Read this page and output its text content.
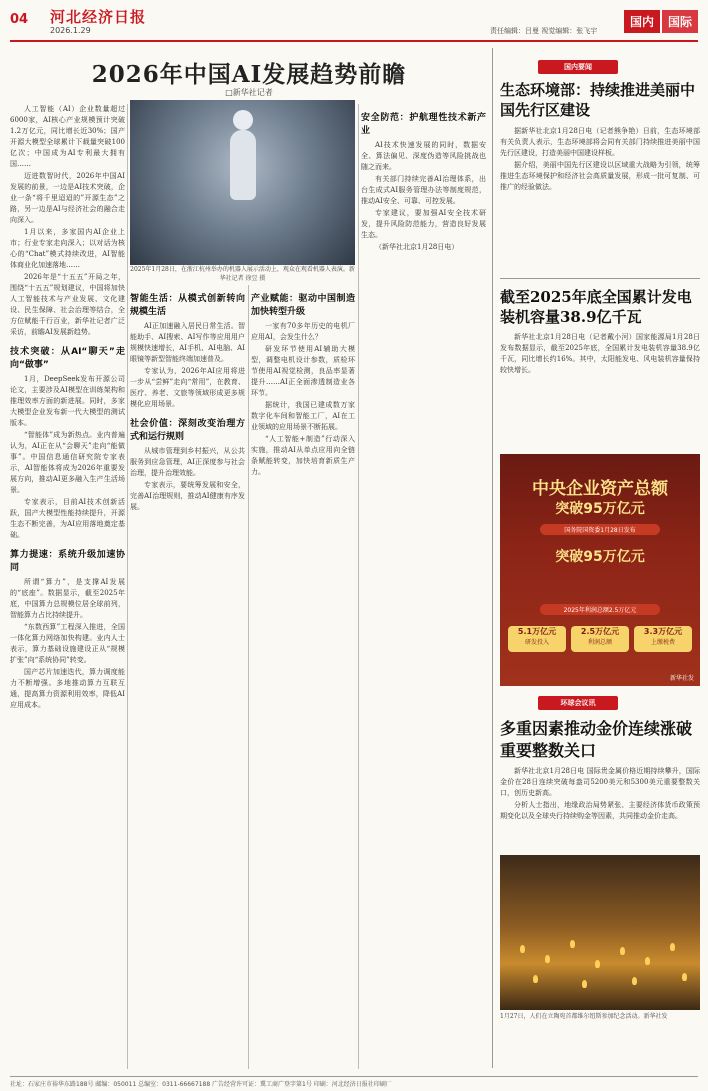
04 河北经济日报
2026.1.29	责任编辑：吕曼 视觉编辑：张飞宇
国内	国际
2026年中国AI发展趋势前瞻
□新华社记者

人工智能（AI）企业数量超过6000家，AI核心产业规模预计突破1.2万亿元，同比增长近30%；国产开源大模型全球累计下载量突破100亿次；中国成为AI专利最大拥有国……

迈进数智时代，2026年中国AI发展的前景，一边是AI技术突破，企业一条“将千里迢迢的”开源生态”之路，另一边是AI与经济社会的融合走向深入。

1月以来，多家国内AI企业上市；行业专家走向深入；以对话为核心的“Chat”模式持续改进，AI智能体商业化加速落地……

2026年是“十五五”开局之年，围绕“十五五”规划建议，中国将加快人工智能技术与产业发展、文化建设、民生保障、社会治理等结合，全方位赋能千行百业，新华社记者广泛采访，前瞻AI发展新趋势。

技术突破：从AI“聊天”走向“做事”

1月，DeepSeek发布开源公司论文，主要涉及AI模型在训练架构和推理效率方面的新进展。同时，多家大模型企业发布新一代大模型的测试版本。

“智能体”成为新热点。业内普遍认为，AI正在从“会聊天”走向“能做事”。中国信息通信研究院专家表示，AI智能体将成为2026年重要发展方向，推动AI更多融入生产生活场景。

专家表示，目前AI技术创新活跃，国产大模型性能持续提升，开源生态不断完善，为AI应用落地奠定基础。

算力提速：系统升级加速协同

所谓“算力”，是支撑AI发展的“底座”。数据显示，截至2025年底，中国算力总规模位居全球前列，智能算力占比持续提升。

“东数西算”工程深入推进，全国一体化算力网络加快构建。业内人士表示，算力基础设施建设正从“规模扩张”向“系统协同”转变。

国产芯片加速迭代，算力调度能力不断增强。多地推动算力互联互通，提高算力资源利用效率，降低AI应用成本。

2025年1月28日，在浙江杭州举办的机器人展示活动上，观众在观看机器人表演。新华社记者 徐昱 摄
智能生活：从模式创新转向规模生活

AI正加速融入居民日常生活。智能助手、AI搜索、AI写作等应用用户规模快速增长，AI手机、AI电脑、AI眼镜等新型智能终端加速普及。

专家认为，2026年AI应用将进一步从“尝鲜”走向“常用”，在教育、医疗、养老、文旅等领域形成更多规模化应用场景。

社会价值：深刻改变治理方式和运行规则

从城市管理到乡村振兴，从公共服务到应急管理，AI正深度参与社会治理，提升治理效能。

专家表示，要统筹发展和安全，完善AI治理规则，推动AI健康有序发展。

产业赋能：驱动中国制造加快转型升级

一家有70多年历史的电机厂应用AI，会发生什么？

研发环节使用AI辅助大模型，调整电机设计参数，质检环节使用AI视觉检测，良品率显著提升……AI正全面渗透制造业各环节。

据统计，我国已建成数万家数字化车间和智能工厂，AI在工业领域的应用场景不断拓展。

“人工智能+制造”行动深入实施，推动AI从单点应用向全链条赋能转变，加快培育新质生产力。

安全防范：护航理性技术新产业

AI技术快速发展的同时，数据安全、算法偏见、深度伪造等风险挑战也随之而来。

有关部门持续完善AI治理体系，出台生成式AI服务管理办法等制度规范，推动AI安全、可靠、可控发展。

专家建议，要加强AI安全技术研发，提升风险防范能力，营造良好发展生态。

（新华社北京1月28日电）

国内要闻
生态环境部：持续推进美丽中国先行区建设

据新华社北京1月28日电（记者熊争艳）日前，生态环境部有关负责人表示，生态环境部将会同有关部门持续推进美丽中国先行区建设，打造美丽中国建设样板。

据介绍，美丽中国先行区建设以区域重大战略为引领，统筹推进生态环境保护和经济社会高质量发展，形成一批可复制、可推广的经验做法。

截至2025年底全国累计发电装机容量38.9亿千瓦

新华社北京1月28日电（记者戴小河）国家能源局1月28日发布数据显示，截至2025年底，全国累计发电装机容量38.9亿千瓦，同比增长约16%。其中，太阳能发电、风电装机容量保持较快增长。

中央企业资产总额
突破95万亿元
国务院国资委1月28日发布
突破95万亿元
2025年利润总额2.5万亿元
5.1万亿元
研发投入
2.5万亿元
利润总额
3.3万亿元
上缴税费
新华社发
环球会议讯
多重因素推动金价连续涨破重要整数关口

新华社北京1月28日电 国际贵金属价格近期持续攀升，国际金价在28日连续突破每盎司5200美元和5300美元重要整数关口，创历史新高。

分析人士指出，地缘政治局势紧张、主要经济体货币政策预期变化以及全球央行持续购金等因素，共同推动金价走高。

1月27日，人们在立陶宛首都维尔纽斯参加纪念活动。新华社发
社址：石家庄市裕华东路188号 邮编：050011 总编室：0311-66667188 广告经营许可证：冀工商广登字第1号 印刷：河北经济日报社印刷厂
